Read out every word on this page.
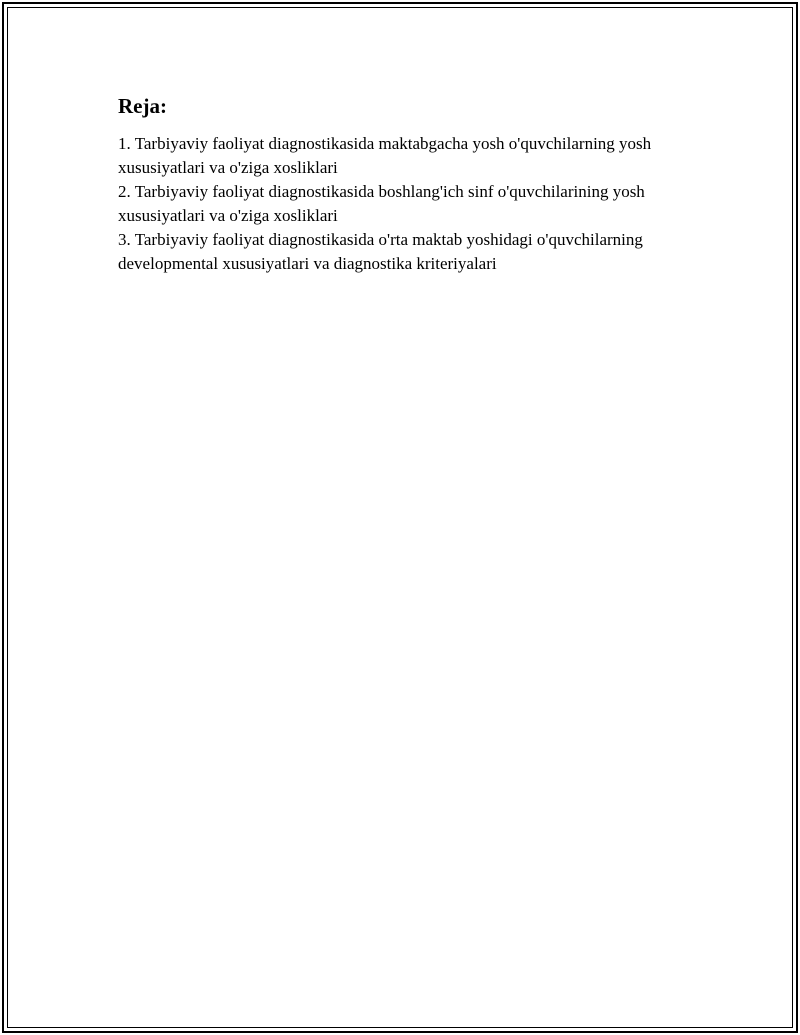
Reja:
1. Tarbiyaviy faoliyat diagnostikasida maktabgacha yosh o'quvchilarning yosh xususiyatlari va o'ziga xosliklari
2. Tarbiyaviy faoliyat diagnostikasida boshlang'ich sinf o'quvchilarining yosh xususiyatlari va o'ziga xosliklari
3. Tarbiyaviy faoliyat diagnostikasida o'rta maktab yoshidagi o'quvchilarning developmental xususiyatlari va diagnostika kriteriyalari
